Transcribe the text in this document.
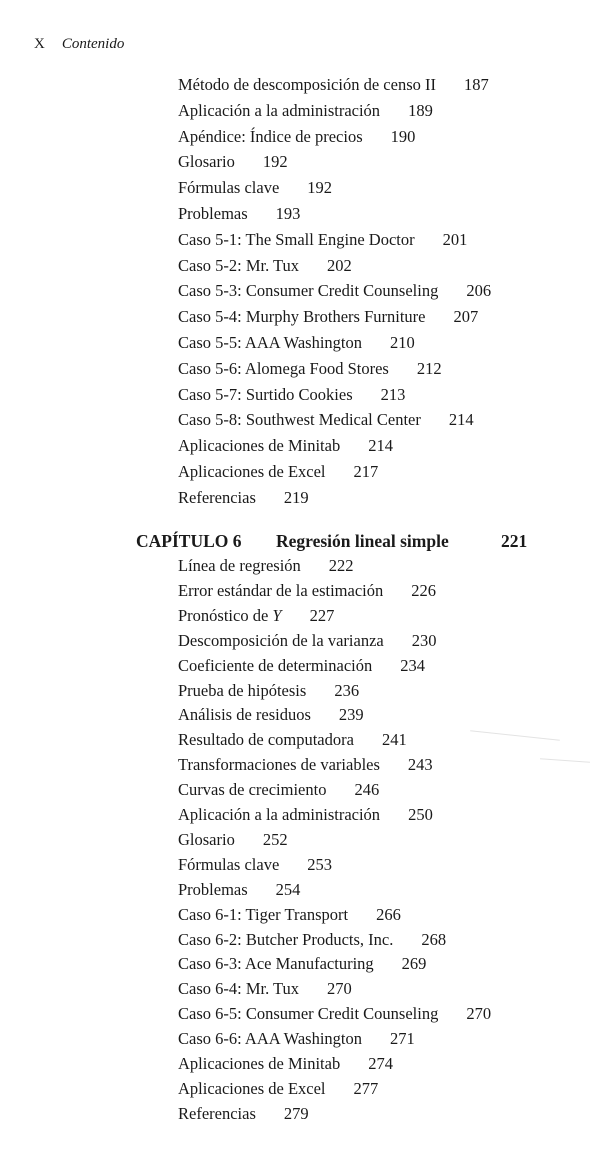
X Contenido
CAPÍTULO 6 Regresión lineal simple	221
Método de descomposición de censo II 187
Aplicación a la administración 189
Apéndice: Índice de precios 190
Glosario 192
Fórmulas clave 192
Problemas 193
Caso 5-1: The Small Engine Doctor 201
Caso 5-2: Mr. Tux 202
Caso 5-3: Consumer Credit Counseling 206
Caso 5-4: Murphy Brothers Furniture 207
Caso 5-5: AAA Washington 210
Caso 5-6: Alomega Food Stores 212
Caso 5-7: Surtido Cookies 213
Caso 5-8: Southwest Medical Center 214
Aplicaciones de Minitab 214
Aplicaciones de Excel 217
Referencias 219
Línea de regresión 222
Error estándar de la estimación 226
Pronóstico de Y 227
Descomposición de la varianza 230
Coeficiente de determinación 234
Prueba de hipótesis 236
Análisis de residuos 239
Resultado de computadora 241
Transformaciones de variables 243
Curvas de crecimiento 246
Aplicación a la administración 250
Glosario 252
Fórmulas clave 253
Problemas 254
Caso 6-1: Tiger Transport 266
Caso 6-2: Butcher Products, Inc. 268
Caso 6-3: Ace Manufacturing 269
Caso 6-4: Mr. Tux 270
Caso 6-5: Consumer Credit Counseling 270
Caso 6-6: AAA Washington 271
Aplicaciones de Minitab 274
Aplicaciones de Excel 277
Referencias 279
